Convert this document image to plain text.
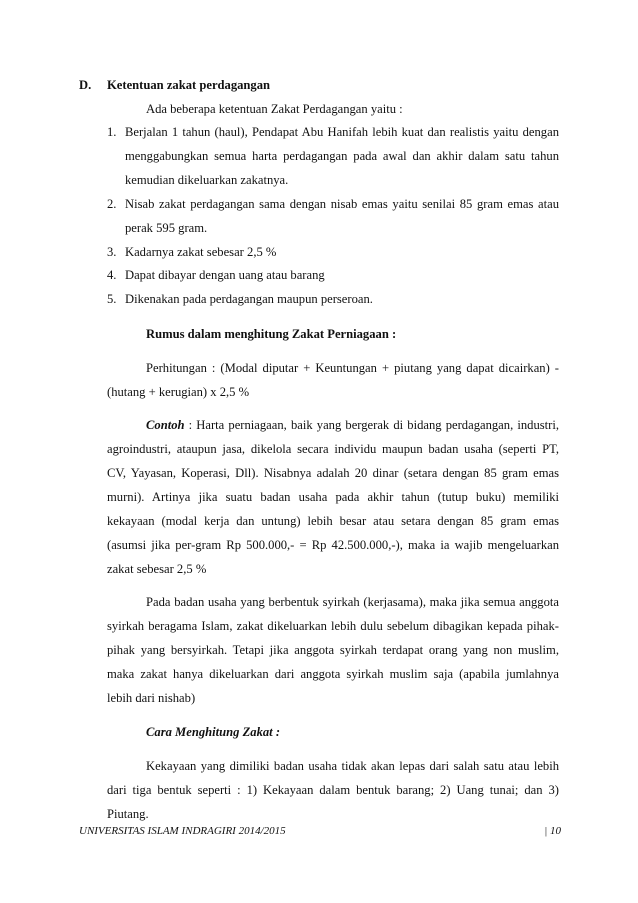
D. Ketentuan zakat perdagangan
Ada beberapa ketentuan Zakat Perdagangan yaitu :
1. Berjalan 1 tahun (haul), Pendapat Abu Hanifah lebih kuat dan realistis yaitu dengan
menggabungkan semua harta perdagangan pada awal dan akhir dalam satu tahun
kemudian dikeluarkan zakatnya.
2. Nisab zakat perdagangan sama dengan nisab emas yaitu senilai 85 gram emas atau
perak 595 gram.
3. Kadarnya zakat sebesar 2,5 %
4. Dapat dibayar dengan uang atau barang
5. Dikenakan pada perdagangan maupun perseroan.
Rumus dalam menghitung Zakat Perniagaan :
Perhitungan : (Modal diputar + Keuntungan + piutang yang dapat dicairkan) -
(hutang + kerugian) x 2,5 %
Contoh : Harta perniagaan, baik yang bergerak di bidang perdagangan, industri,
agroindustri, ataupun jasa, dikelola secara individu maupun badan usaha (seperti PT,
CV, Yayasan, Koperasi, Dll). Nisabnya adalah 20 dinar (setara dengan 85 gram emas
murni). Artinya jika suatu badan usaha pada akhir tahun (tutup buku) memiliki
kekayaan (modal kerja dan untung) lebih besar atau setara dengan 85 gram emas
(asumsi jika per-gram Rp 500.000,- = Rp 42.500.000,-), maka ia wajib mengeluarkan
zakat sebesar 2,5 %
Pada badan usaha yang berbentuk syirkah (kerjasama), maka jika semua anggota
syirkah beragama Islam, zakat dikeluarkan lebih dulu sebelum dibagikan kepada pihak-
pihak yang bersyirkah. Tetapi jika anggota syirkah terdapat orang yang non muslim,
maka zakat hanya dikeluarkan dari anggota syirkah muslim saja (apabila jumlahnya
lebih dari nishab)
Cara Menghitung Zakat :
Kekayaan yang dimiliki badan usaha tidak akan lepas dari salah satu atau lebih
dari tiga bentuk seperti : 1) Kekayaan dalam bentuk barang; 2) Uang tunai; dan 3)
Piutang.
UNIVERSITAS ISLAM INDRAGIRI 2014/2015	| 10
